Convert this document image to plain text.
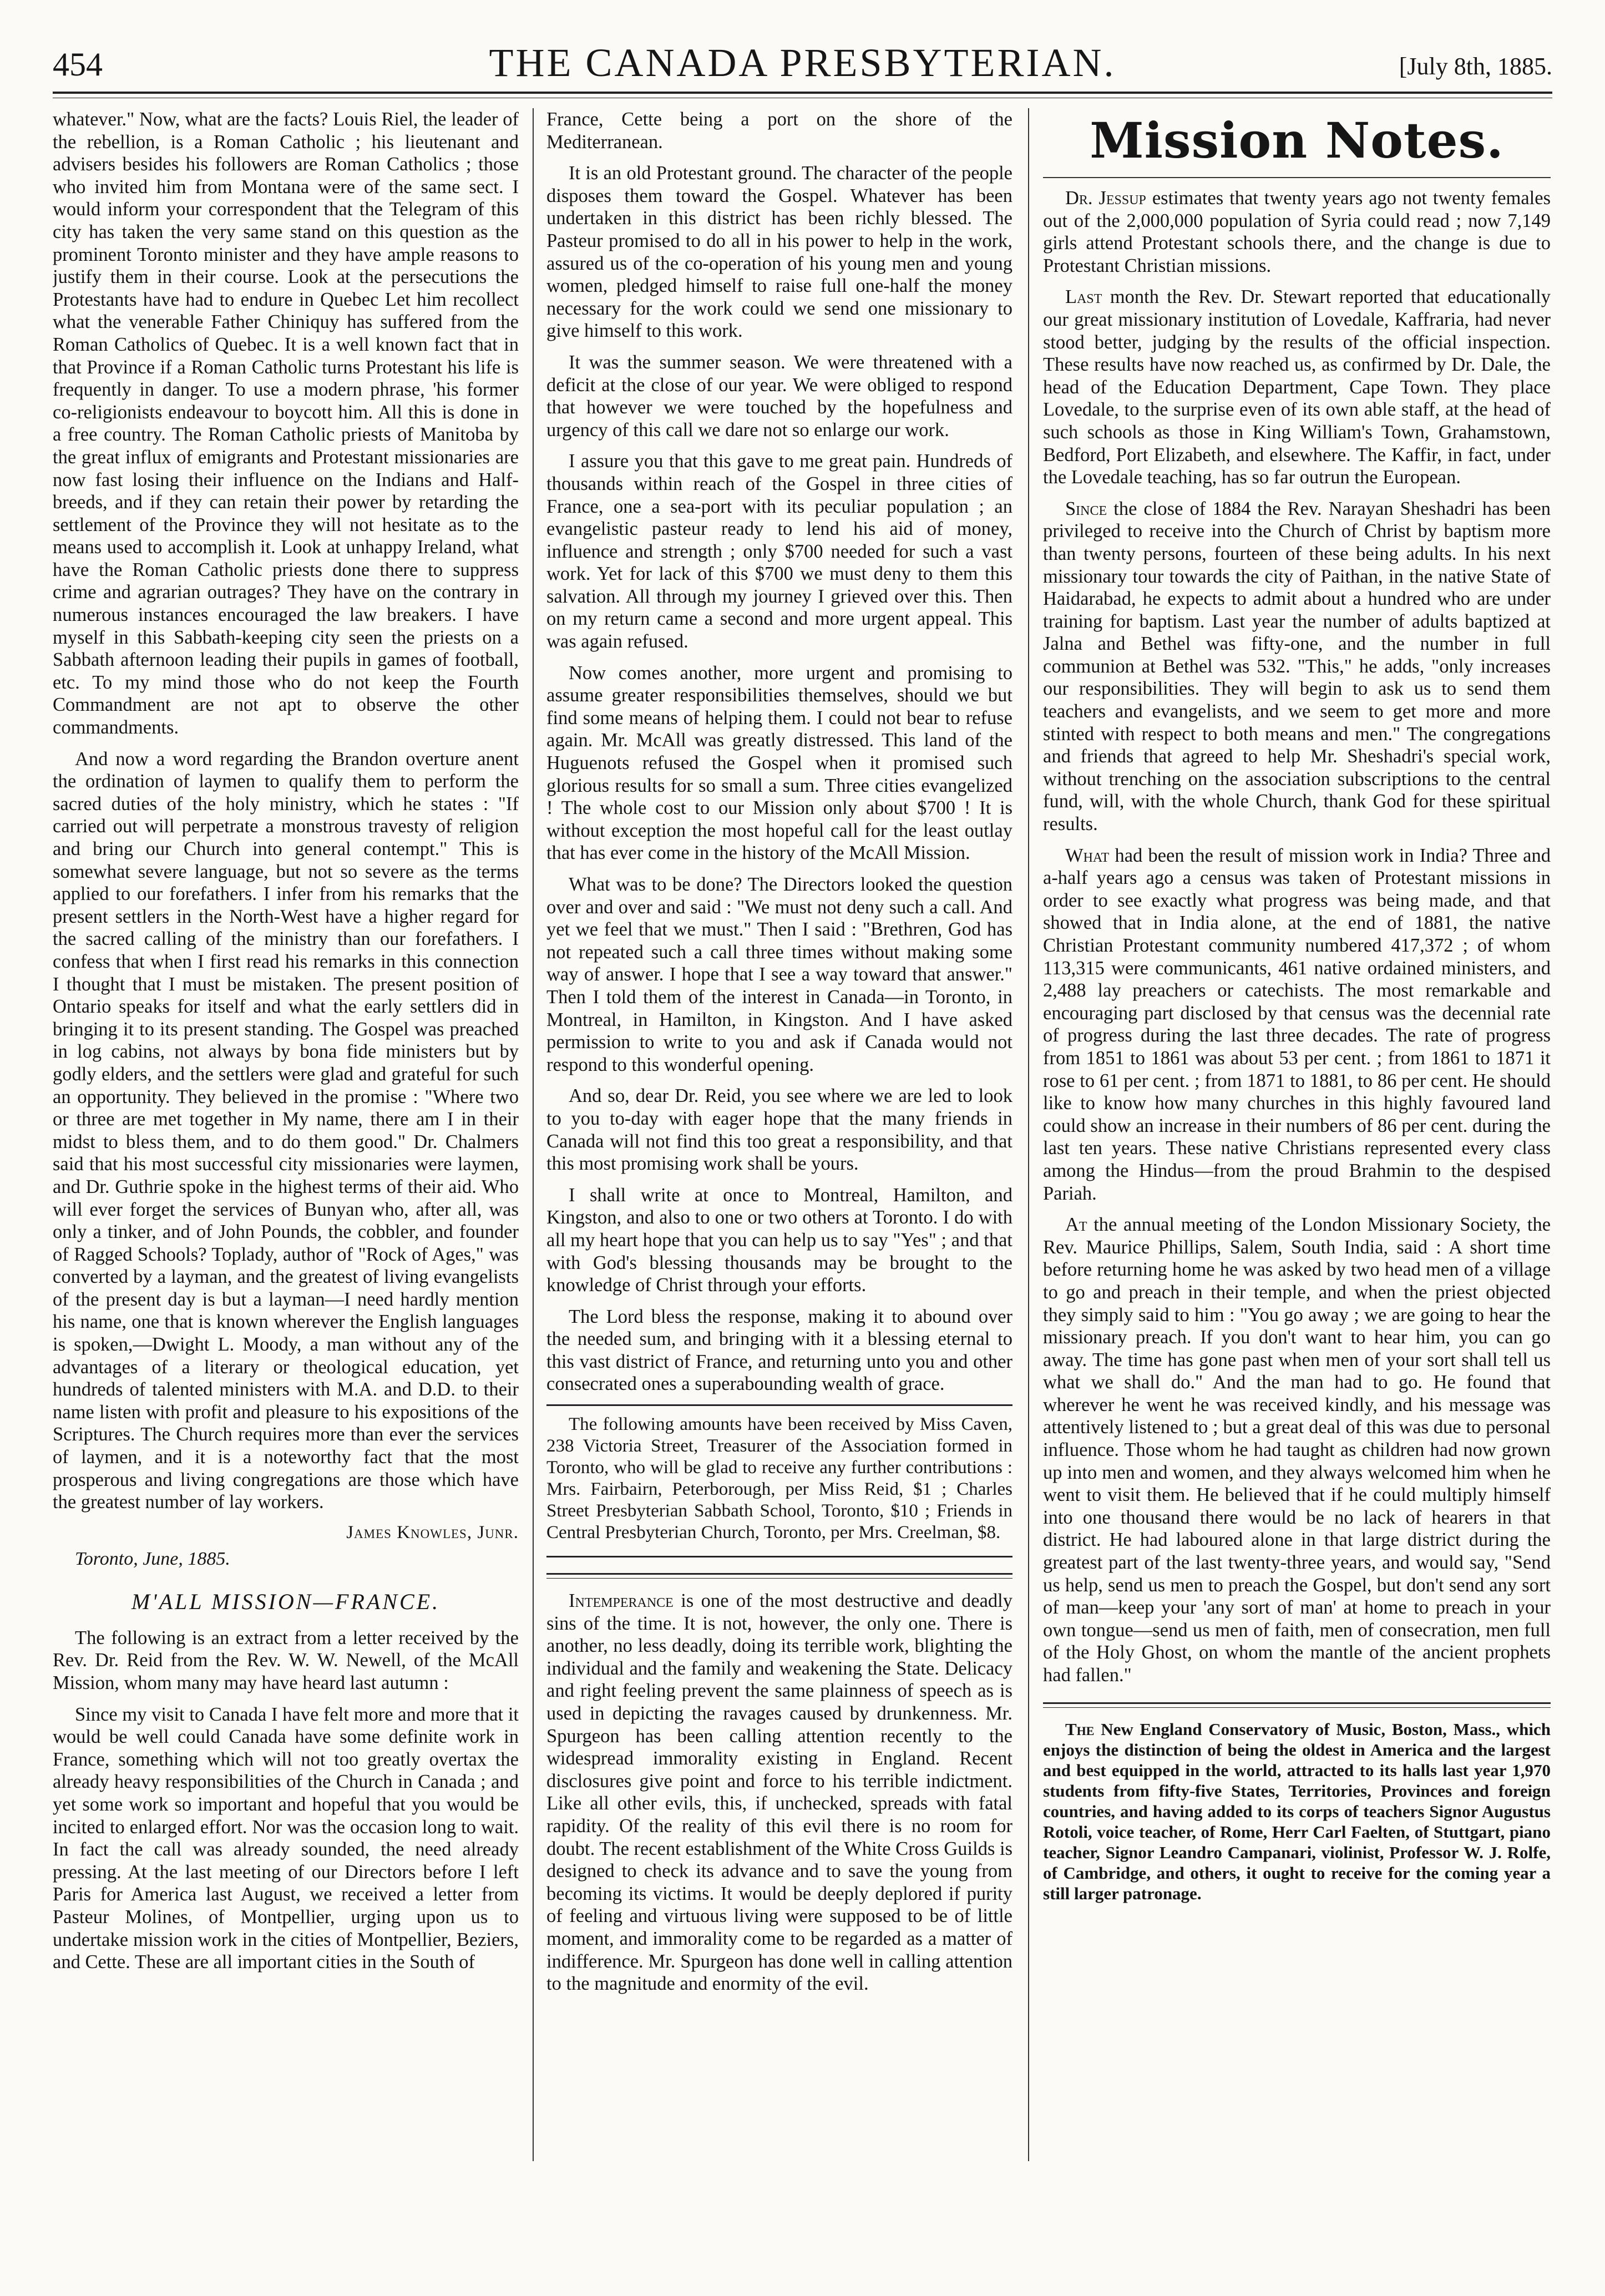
454	THE CANADA PRESBYTERIAN.	[July 8th, 1885.

whatever." Now, what are the facts? Louis Riel, the leader of the rebellion, is a Roman Catholic ; his lieutenant and advisers besides his followers are Roman Catholics ; those who invited him from Montana were of the same sect. I would inform your correspondent that the Telegram of this city has taken the very same stand on this question as the prominent Toronto minister and they have ample reasons to justify them in their course. Look at the persecutions the Protestants have had to endure in Quebec Let him recollect what the venerable Father Chiniquy has suffered from the Roman Catholics of Quebec. It is a well known fact that in that Province if a Roman Catholic turns Protestant his life is frequently in danger. To use a modern phrase, 'his former co-religionists endeavour to boycott him. All this is done in a free country. The Roman Catholic priests of Manitoba by the great influx of emigrants and Protestant missionaries are now fast losing their influence on the Indians and Half-breeds, and if they can retain their power by retarding the settlement of the Province they will not hesitate as to the means used to accomplish it. Look at unhappy Ireland, what have the Roman Catholic priests done there to suppress crime and agrarian outrages? They have on the contrary in numerous instances encouraged the law breakers. I have myself in this Sabbath-keeping city seen the priests on a Sabbath afternoon leading their pupils in games of football, etc. To my mind those who do not keep the Fourth Commandment are not apt to observe the other commandments.

And now a word regarding the Brandon overture anent the ordination of laymen to qualify them to perform the sacred duties of the holy ministry, which he states : "If carried out will perpetrate a monstrous travesty of religion and bring our Church into general contempt." This is somewhat severe language, but not so severe as the terms applied to our forefathers. I infer from his remarks that the present settlers in the North-West have a higher regard for the sacred calling of the ministry than our forefathers. I confess that when I first read his remarks in this connection I thought that I must be mistaken. The present position of Ontario speaks for itself and what the early settlers did in bringing it to its present standing. The Gospel was preached in log cabins, not always by bona fide ministers but by godly elders, and the settlers were glad and grateful for such an opportunity. They believed in the promise : "Where two or three are met together in My name, there am I in their midst to bless them, and to do them good." Dr. Chalmers said that his most successful city missionaries were laymen, and Dr. Guthrie spoke in the highest terms of their aid. Who will ever forget the services of Bunyan who, after all, was only a tinker, and of John Pounds, the cobbler, and founder of Ragged Schools? Toplady, author of "Rock of Ages," was converted by a layman, and the greatest of living evangelists of the present day is but a layman—I need hardly mention his name, one that is known wherever the English languages is spoken,—Dwight L. Moody, a man without any of the advantages of a literary or theological education, yet hundreds of talented ministers with M.A. and D.D. to their name listen with profit and pleasure to his expositions of the Scriptures. The Church requires more than ever the services of laymen, and it is a noteworthy fact that the most prosperous and living congregations are those which have the greatest number of lay workers.

James Knowles, Junr.
Toronto, June, 1885.
M'ALL MISSION—FRANCE.

The following is an extract from a letter received by the Rev. Dr. Reid from the Rev. W. W. Newell, of the McAll Mission, whom many may have heard last autumn :

Since my visit to Canada I have felt more and more that it would be well could Canada have some definite work in France, something which will not too greatly overtax the already heavy responsibilities of the Church in Canada ; and yet some work so important and hopeful that you would be incited to enlarged effort. Nor was the occasion long to wait. In fact the call was already sounded, the need already pressing. At the last meeting of our Directors before I left Paris for America last August, we received a letter from Pasteur Molines, of Montpellier, urging upon us to undertake mission work in the cities of Montpellier, Beziers, and Cette. These are all important cities in the South of

France, Cette being a port on the shore of the Mediterranean.

It is an old Protestant ground. The character of the people disposes them toward the Gospel. Whatever has been undertaken in this district has been richly blessed. The Pasteur promised to do all in his power to help in the work, assured us of the co-operation of his young men and young women, pledged himself to raise full one-half the money necessary for the work could we send one missionary to give himself to this work.

It was the summer season. We were threatened with a deficit at the close of our year. We were obliged to respond that however we were touched by the hopefulness and urgency of this call we dare not so enlarge our work.

I assure you that this gave to me great pain. Hundreds of thousands within reach of the Gospel in three cities of France, one a sea-port with its peculiar population ; an evangelistic pasteur ready to lend his aid of money, influence and strength ; only $700 needed for such a vast work. Yet for lack of this $700 we must deny to them this salvation. All through my journey I grieved over this. Then on my return came a second and more urgent appeal. This was again refused.

Now comes another, more urgent and promising to assume greater responsibilities themselves, should we but find some means of helping them. I could not bear to refuse again. Mr. McAll was greatly distressed. This land of the Huguenots refused the Gospel when it promised such glorious results for so small a sum. Three cities evangelized ! The whole cost to our Mission only about $700 ! It is without exception the most hopeful call for the least outlay that has ever come in the history of the McAll Mission.

What was to be done? The Directors looked the question over and over and said : "We must not deny such a call. And yet we feel that we must." Then I said : "Brethren, God has not repeated such a call three times without making some way of answer. I hope that I see a way toward that answer." Then I told them of the interest in Canada—in Toronto, in Montreal, in Hamilton, in Kingston. And I have asked permission to write to you and ask if Canada would not respond to this wonderful opening.

And so, dear Dr. Reid, you see where we are led to look to you to-day with eager hope that the many friends in Canada will not find this too great a responsibility, and that this most promising work shall be yours.

I shall write at once to Montreal, Hamilton, and Kingston, and also to one or two others at Toronto. I do with all my heart hope that you can help us to say "Yes" ; and that with God's blessing thousands may be brought to the knowledge of Christ through your efforts.

The Lord bless the response, making it to abound over the needed sum, and bringing with it a blessing eternal to this vast district of France, and returning unto you and other consecrated ones a superabounding wealth of grace.

The following amounts have been received by Miss Caven, 238 Victoria Street, Treasurer of the Association formed in Toronto, who will be glad to receive any further contributions : Mrs. Fairbairn, Peterborough, per Miss Reid, $1 ; Charles Street Presbyterian Sabbath School, Toronto, $10 ; Friends in Central Presbyterian Church, Toronto, per Mrs. Creelman, $8.

Intemperance is one of the most destructive and deadly sins of the time. It is not, however, the only one. There is another, no less deadly, doing its terrible work, blighting the individual and the family and weakening the State. Delicacy and right feeling prevent the same plainness of speech as is used in depicting the ravages caused by drunkenness. Mr. Spurgeon has been calling attention recently to the widespread immorality existing in England. Recent disclosures give point and force to his terrible indictment. Like all other evils, this, if unchecked, spreads with fatal rapidity. Of the reality of this evil there is no room for doubt. The recent establishment of the White Cross Guilds is designed to check its advance and to save the young from becoming its victims. It would be deeply deplored if purity of feeling and virtuous living were supposed to be of little moment, and immorality come to be regarded as a matter of indifference. Mr. Spurgeon has done well in calling attention to the magnitude and enormity of the evil.

Mission Notes.

Dr. Jessup estimates that twenty years ago not twenty females out of the 2,000,000 population of Syria could read ; now 7,149 girls attend Protestant schools there, and the change is due to Protestant Christian missions.

Last month the Rev. Dr. Stewart reported that educationally our great missionary institution of Lovedale, Kaffraria, had never stood better, judging by the results of the official inspection. These results have now reached us, as confirmed by Dr. Dale, the head of the Education Department, Cape Town. They place Lovedale, to the surprise even of its own able staff, at the head of such schools as those in King William's Town, Grahamstown, Bedford, Port Elizabeth, and elsewhere. The Kaffir, in fact, under the Lovedale teaching, has so far outrun the European.

Since the close of 1884 the Rev. Narayan Sheshadri has been privileged to receive into the Church of Christ by baptism more than twenty persons, fourteen of these being adults. In his next missionary tour towards the city of Paithan, in the native State of Haidarabad, he expects to admit about a hundred who are under training for baptism. Last year the number of adults baptized at Jalna and Bethel was fifty-one, and the number in full communion at Bethel was 532. "This," he adds, "only increases our responsibilities. They will begin to ask us to send them teachers and evangelists, and we seem to get more and more stinted with respect to both means and men." The congregations and friends that agreed to help Mr. Sheshadri's special work, without trenching on the association subscriptions to the central fund, will, with the whole Church, thank God for these spiritual results.

What had been the result of mission work in India? Three and a-half years ago a census was taken of Protestant missions in order to see exactly what progress was being made, and that showed that in India alone, at the end of 1881, the native Christian Protestant community numbered 417,372 ; of whom 113,315 were communicants, 461 native ordained ministers, and 2,488 lay preachers or catechists. The most remarkable and encouraging part disclosed by that census was the decennial rate of progress during the last three decades. The rate of progress from 1851 to 1861 was about 53 per cent. ; from 1861 to 1871 it rose to 61 per cent. ; from 1871 to 1881, to 86 per cent. He should like to know how many churches in this highly favoured land could show an increase in their numbers of 86 per cent. during the last ten years. These native Christians represented every class among the Hindus—from the proud Brahmin to the despised Pariah.

At the annual meeting of the London Missionary Society, the Rev. Maurice Phillips, Salem, South India, said : A short time before returning home he was asked by two head men of a village to go and preach in their temple, and when the priest objected they simply said to him : "You go away ; we are going to hear the missionary preach. If you don't want to hear him, you can go away. The time has gone past when men of your sort shall tell us what we shall do." And the man had to go. He found that wherever he went he was received kindly, and his message was attentively listened to ; but a great deal of this was due to personal influence. Those whom he had taught as children had now grown up into men and women, and they always welcomed him when he went to visit them. He believed that if he could multiply himself into one thousand there would be no lack of hearers in that district. He had laboured alone in that large district during the greatest part of the last twenty-three years, and would say, "Send us help, send us men to preach the Gospel, but don't send any sort of man—keep your 'any sort of man' at home to preach in your own tongue—send us men of faith, men of consecration, men full of the Holy Ghost, on whom the mantle of the ancient prophets had fallen."

The New England Conservatory of Music, Boston, Mass., which enjoys the distinction of being the oldest in America and the largest and best equipped in the world, attracted to its halls last year 1,970 students from fifty-five States, Territories, Provinces and foreign countries, and having added to its corps of teachers Signor Augustus Rotoli, voice teacher, of Rome, Herr Carl Faelten, of Stuttgart, piano teacher, Signor Leandro Campanari, violinist, Professor W. J. Rolfe, of Cambridge, and others, it ought to receive for the coming year a still larger patronage.
